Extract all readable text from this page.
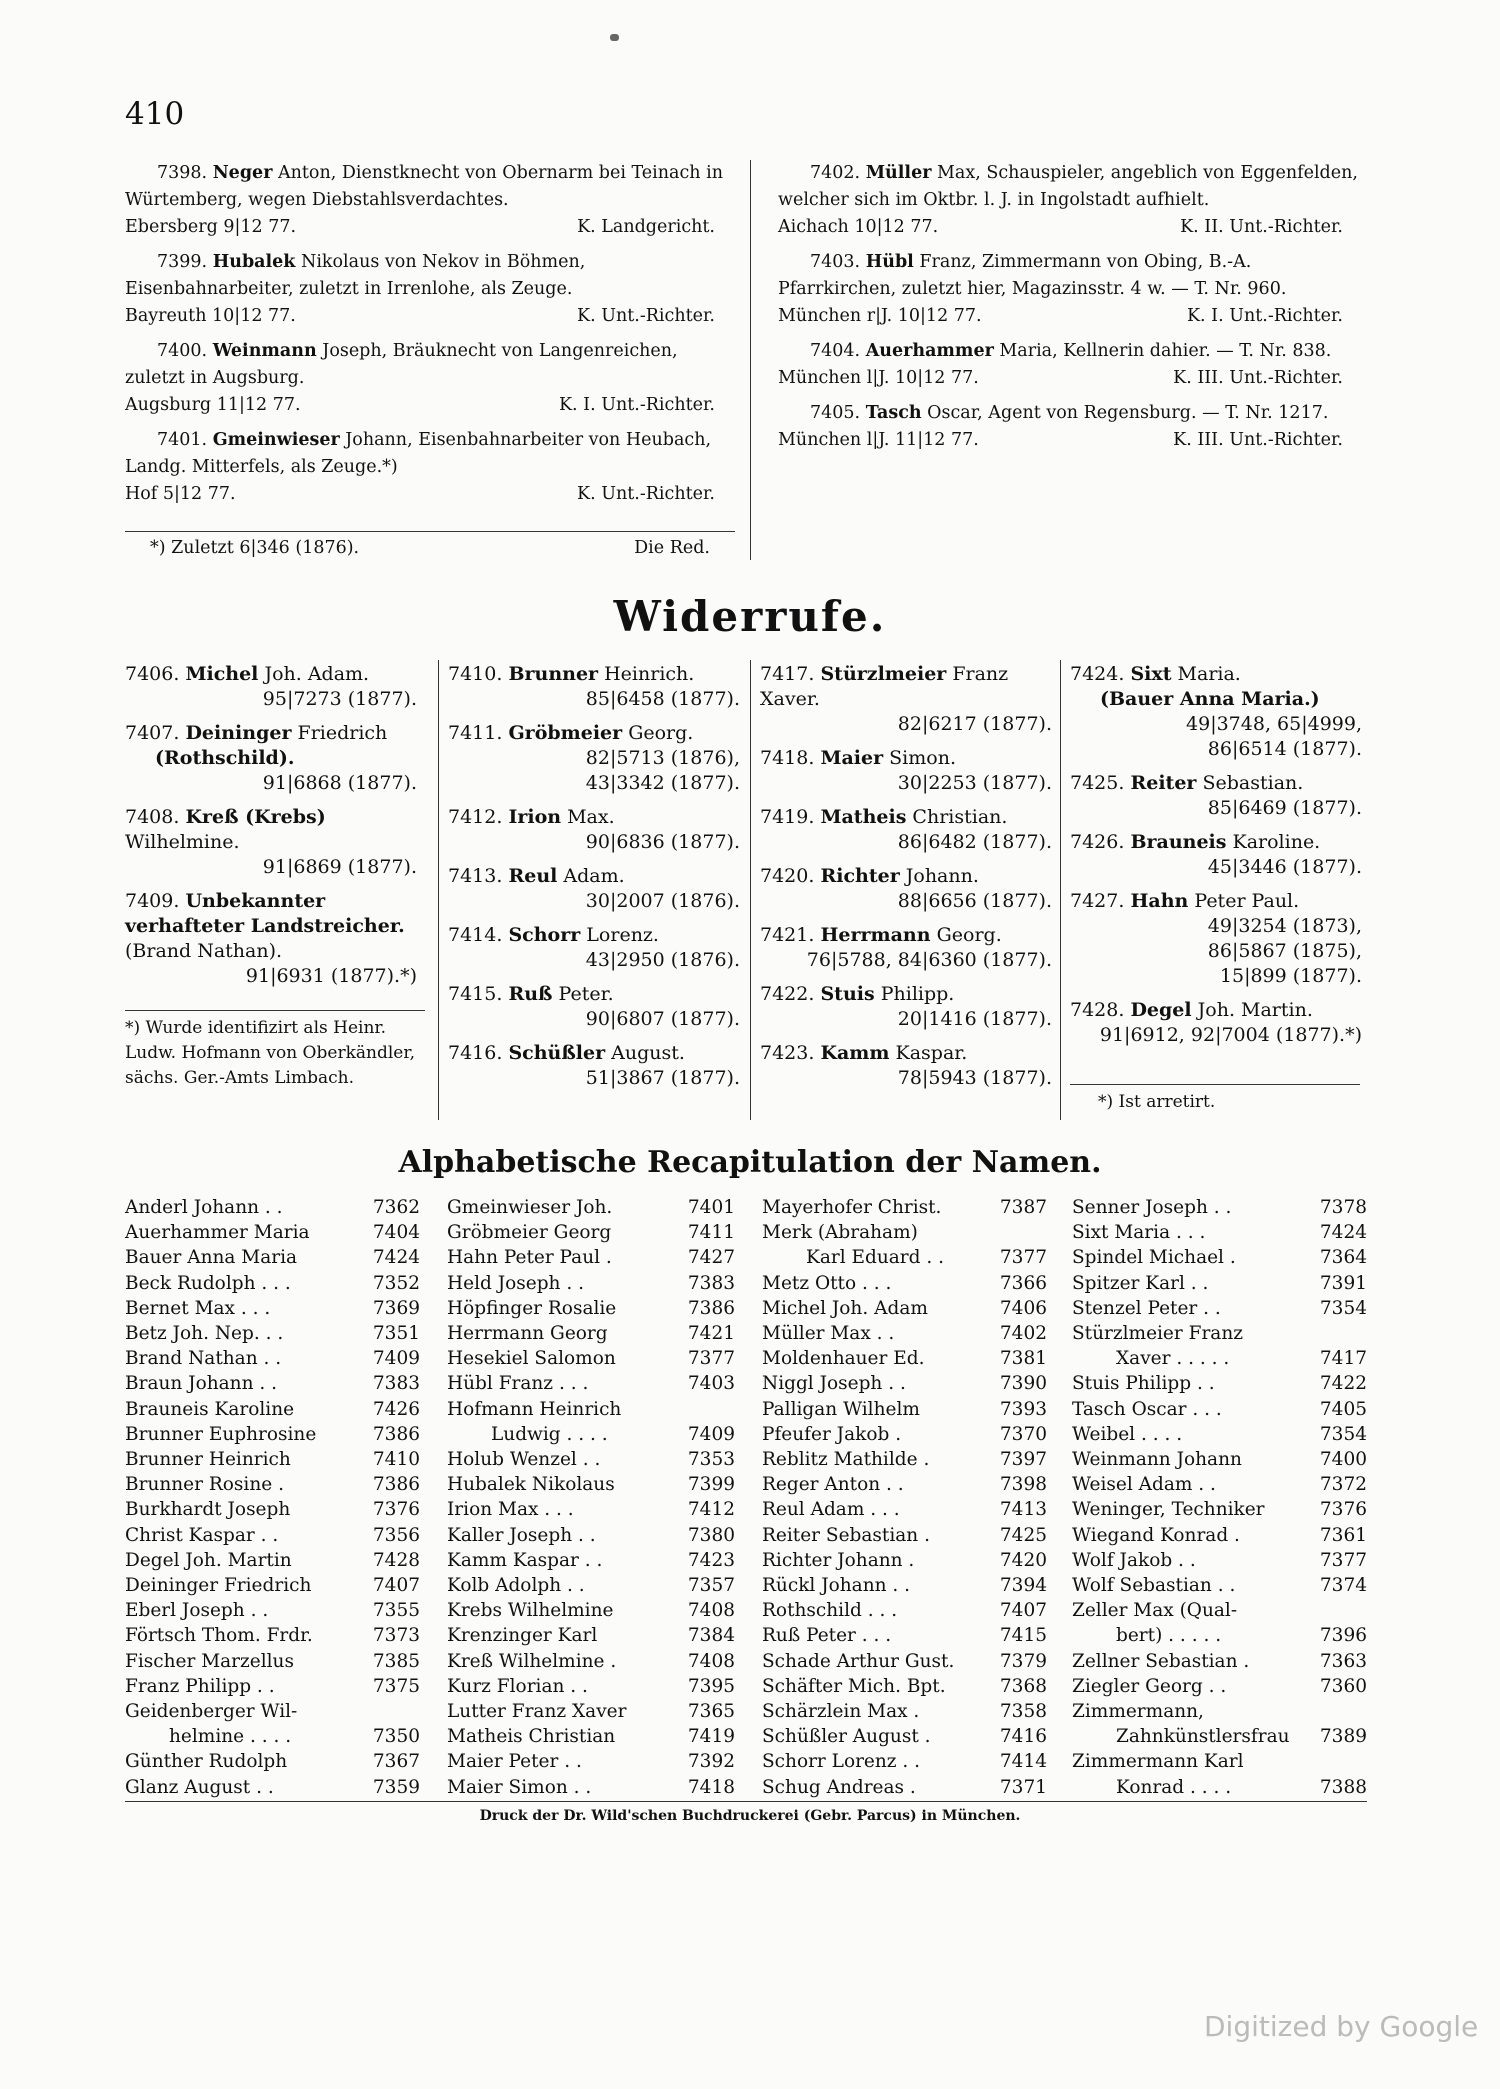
410
7398. Neger Anton, Dienstknecht von Obernarm bei Teinach in Würtemberg, wegen Diebstahlsverdachtes.
Ebersberg 9|12 77.	K. Landgericht.
7399. Hubalek Nikolaus von Nekov in Böhmen, Eisenbahnarbeiter, zuletzt in Irrenlohe, als Zeuge.
Bayreuth 10|12 77.	K. Unt.-Richter.
7400. Weinmann Joseph, Bräuknecht von Langenreichen, zuletzt in Augsburg.
Augsburg 11|12 77.	K. I. Unt.-Richter.
7401. Gmeinwieser Johann, Eisenbahnarbeiter von Heubach, Landg. Mitterfels, als Zeuge.*)
Hof 5|12 77.	K. Unt.-Richter.
7402. Müller Max, Schauspieler, angeblich von Eggenfelden, welcher sich im Oktbr. l. J. in Ingolstadt aufhielt.
Aichach 10|12 77.	K. II. Unt.-Richter.
7403. Hübl Franz, Zimmermann von Obing, B.-A. Pfarrkirchen, zuletzt hier, Magazinsstr. 4 w. — T. Nr. 960.
München r|J. 10|12 77.	K. I. Unt.-Richter.
7404. Auerhammer Maria, Kellnerin dahier. — T. Nr. 838.
München l|J. 10|12 77.	K. III. Unt.-Richter.
7405. Tasch Oscar, Agent von Regensburg. — T. Nr. 1217.
München l|J. 11|12 77.	K. III. Unt.-Richter.
*) Zuletzt 6|346 (1876).	Die Red.
Widerrufe.
7406. Michel Joh. Adam.
95|7273 (1877).
7407. Deininger Friedrich
(Rothschild).
91|6868 (1877).
7408. Kreß (Krebs)
Wilhelmine.
91|6869 (1877).
7409. Unbekannter verhafteter Landstreicher.
(Brand Nathan).
91|6931 (1877).*)
7410. Brunner Heinrich.
85|6458 (1877).
7411. Gröbmeier Georg.
82|5713 (1876),
43|3342 (1877).
7412. Irion Max.
90|6836 (1877).
7413. Reul Adam.
30|2007 (1876).
7414. Schorr Lorenz.
43|2950 (1876).
7415. Ruß Peter.
90|6807 (1877).
7416. Schüßler August.
51|3867 (1877).
7417. Stürzlmeier Franz
Xaver.
82|6217 (1877).
7418. Maier Simon.
30|2253 (1877).
7419. Matheis Christian.
86|6482 (1877).
7420. Richter Johann.
88|6656 (1877).
7421. Herrmann Georg.
76|5788, 84|6360 (1877).
7422. Stuis Philipp.
20|1416 (1877).
7423. Kamm Kaspar.
78|5943 (1877).
7424. Sixt Maria.
(Bauer Anna Maria.)
49|3748, 65|4999,
86|6514 (1877).
7425. Reiter Sebastian.
85|6469 (1877).
7426. Brauneis Karoline.
45|3446 (1877).
7427. Hahn Peter Paul.
49|3254 (1873),
86|5867 (1875),
15|899 (1877).
7428. Degel Joh. Martin.
91|6912, 92|7004 (1877).*)
*) Wurde identifizirt als Heinr. Ludw. Hofmann von Oberkändler, sächs. Ger.-Amts Limbach.
*) Ist arretirt.
Alphabetische Recapitulation der Namen.
Anderl Johann . .	7362
Auerhammer Maria	7404
Bauer Anna Maria	7424
Beck Rudolph . . .	7352
Bernet Max . . .	7369
Betz Joh. Nep. . .	7351
Brand Nathan . .	7409
Braun Johann . .	7383
Brauneis Karoline	7426
Brunner Euphrosine	7386
Brunner Heinrich	7410
Brunner Rosine .	7386
Burkhardt Joseph	7376
Christ Kaspar . .	7356
Degel Joh. Martin	7428
Deininger Friedrich	7407
Eberl Joseph . .	7355
Förtsch Thom. Frdr.	7373
Fischer Marzellus	7385
Franz Philipp . .	7375
Geidenberger Wil-
helmine . . . .	7350
Günther Rudolph	7367
Glanz August . .	7359
Gmeinwieser Joh.	7401
Gröbmeier Georg	7411
Hahn Peter Paul .	7427
Held Joseph . .	7383
Höpfinger Rosalie	7386
Herrmann Georg	7421
Hesekiel Salomon	7377
Hübl Franz . . .	7403
Hofmann Heinrich
Ludwig . . . .	7409
Holub Wenzel . .	7353
Hubalek Nikolaus	7399
Irion Max . . .	7412
Kaller Joseph . .	7380
Kamm Kaspar . .	7423
Kolb Adolph . .	7357
Krebs Wilhelmine	7408
Krenzinger Karl	7384
Kreß Wilhelmine .	7408
Kurz Florian . .	7395
Lutter Franz Xaver	7365
Matheis Christian	7419
Maier Peter . .	7392
Maier Simon . .	7418
Mayerhofer Christ.	7387
Merk (Abraham)
Karl Eduard . .	7377
Metz Otto . . .	7366
Michel Joh. Adam	7406
Müller Max . .	7402
Moldenhauer Ed.	7381
Niggl Joseph . .	7390
Palligan Wilhelm	7393
Pfeufer Jakob .	7370
Reblitz Mathilde .	7397
Reger Anton . .	7398
Reul Adam . . .	7413
Reiter Sebastian .	7425
Richter Johann .	7420
Rückl Johann . .	7394
Rothschild . . .	7407
Ruß Peter . . .	7415
Schade Arthur Gust. 7379
Schäfter Mich. Bpt.	7368
Schärzlein Max .	7358
Schüßler August .	7416
Schorr Lorenz . .	7414
Schug Andreas .	7371
Senner Joseph . .	7378
Sixt Maria . . .	7424
Spindel Michael .	7364
Spitzer Karl . .	7391
Stenzel Peter . .	7354
Stürzlmeier Franz
Xaver . . . . .	7417
Stuis Philipp . .	7422
Tasch Oscar . . .	7405
Weibel . . . .	7354
Weinmann Johann	7400
Weisel Adam . .	7372
Weninger, Techniker	7376
Wiegand Konrad .	7361
Wolf Jakob . .	7377
Wolf Sebastian . .	7374
Zeller Max (Qual-
bert) . . . . .	7396
Zellner Sebastian .	7363
Ziegler Georg . .	7360
Zimmermann,
Zahnkünstlersfrau 7389
Zimmermann Karl
Konrad . . . .	7388
Druck der Dr. Wild'schen Buchdruckerei (Gebr. Parcus) in München.
Digitized by Google
